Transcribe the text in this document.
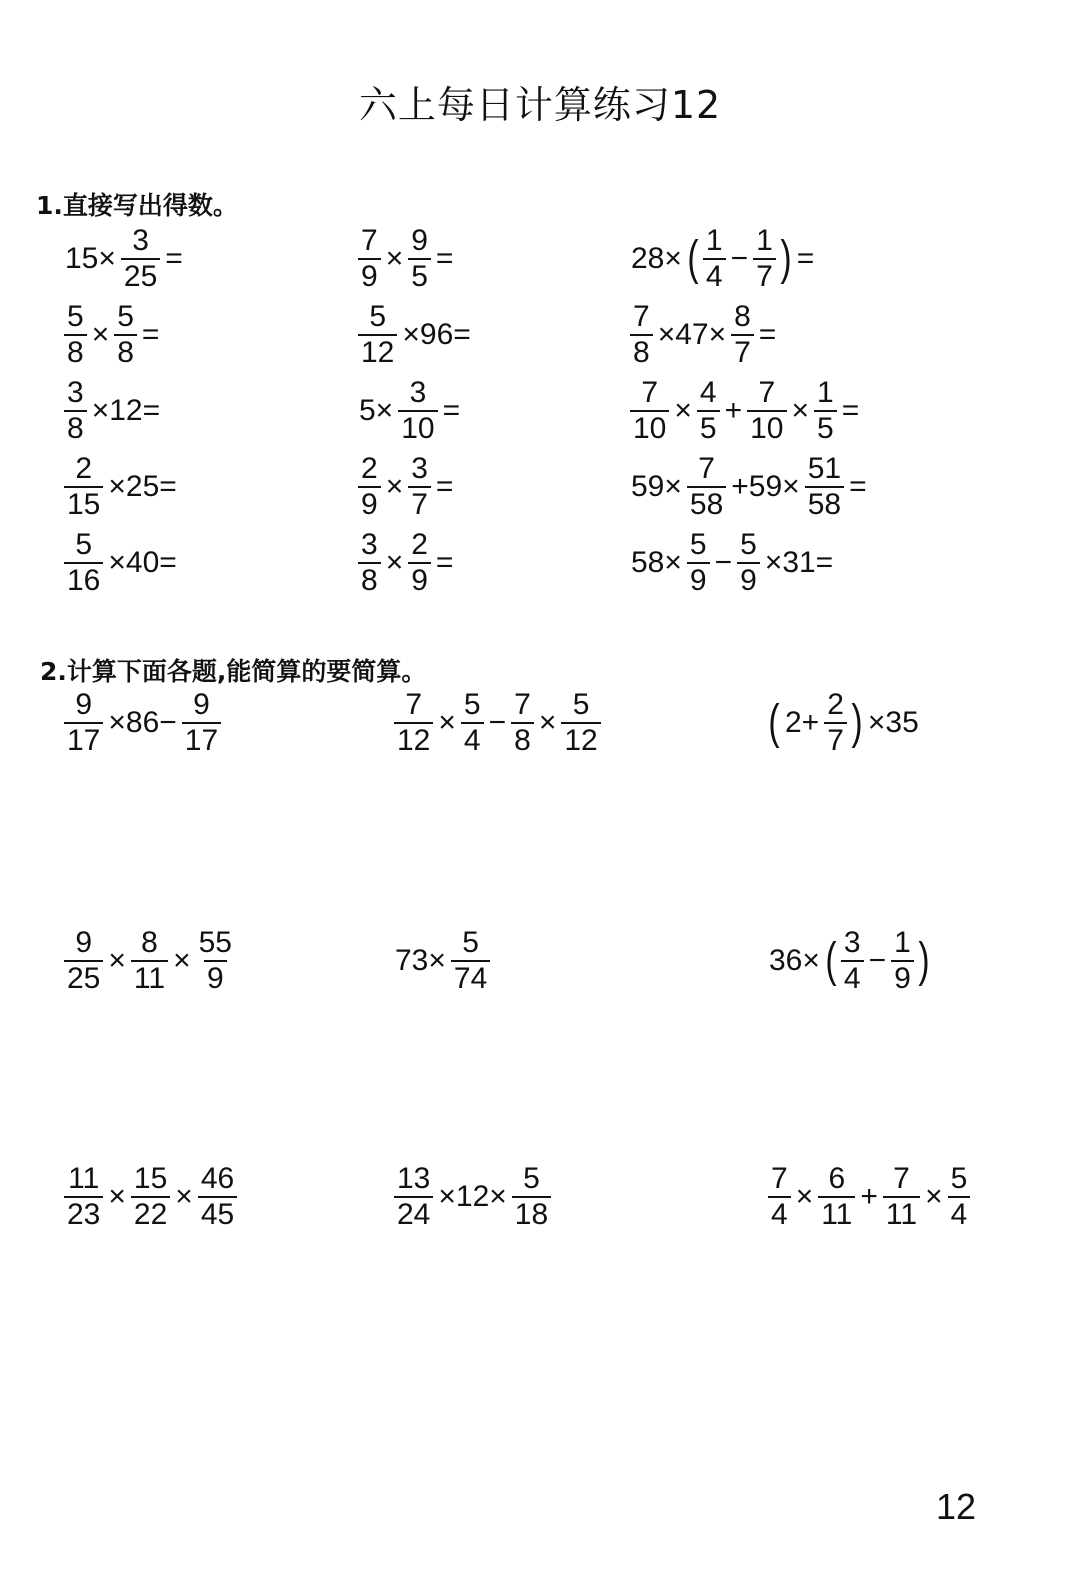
六上每日计算练习12
1.直接写出得数。
$15\times \frac{3}{25}$ =	$\frac{7}{9} \times \frac{9}{5}$ =	28× ( $\frac{1}{4} - \frac{1}{7}$ ) =
$\frac{5}{8} \times \frac{5}{8}$ =	$\frac{5}{12} \times 96=$	$\frac{7}{8} \times 47\times \frac{8}{7}$ =
$\frac{3}{8} \times 12=$	$5\times \frac{3}{10}$ =	$\frac{7}{10} \times \frac{4}{5} + \frac{7}{10} \times \frac{1}{5}$ =
$\frac{2}{15} \times 25=$	$\frac{2}{9} \times \frac{3}{7}$ =	$59\times \frac{7}{58} +59\times \frac{51}{58}$ =
$\frac{5}{16} \times 40=$	$\frac{3}{8} \times \frac{2}{9}$ =	$58\times \frac{5}{9} - \frac{5}{9} \times 31=$
2.计算下面各题,能简算的要简算。
$\frac{9}{17} \times 86- \frac{9}{17}$	$\frac{7}{12} \times \frac{5}{4} - \frac{7}{8} \times \frac{5}{12}$	( $2+ \frac{2}{7}$ ) ×35
$\frac{9}{25} \times \frac{8}{11} \times \frac{55}{9}$	$73\times \frac{5}{74}$	36× ( $\frac{3}{4} - \frac{1}{9}$ )
$\frac{11}{23} \times \frac{15}{22} \times \frac{46}{45}$	$\frac{13}{24} \times 12\times \frac{5}{18}$	$\frac{7}{4} \times \frac{6}{11} + \frac{7}{11} \times \frac{5}{4}$
12
